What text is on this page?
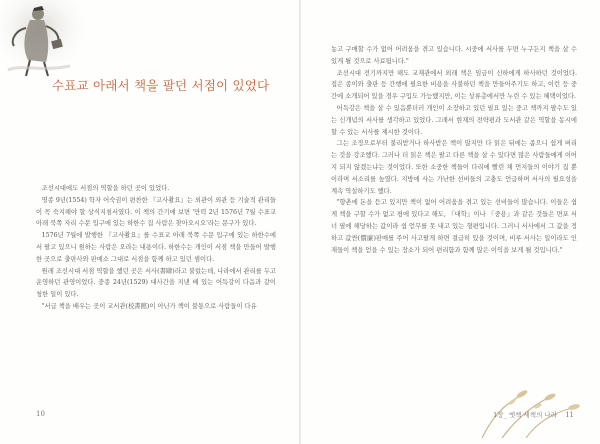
수표교 아래서 책을 팔던 서점이 있었다

조선시대에도 서점의 역할을 하던 곳이 있었다.

명종 9년(1554) 학자 어숙권이 편찬한 『고사촬요』는 외관이 외관 등 기술적 관리들이 꼭 숙지해야 할 상식지침서였다. 이 책의 간기에 보면 '만력 2년 1576년 7월 수표교 아래 북쪽 자리 수문 입구에 있는 하한수 집 사람은 찾아오시오'라는 문구가 있다.

1576년 7월에 발행한 『고사촬요』를 수표교 아래 북쪽 수문 입구에 있는 하한수에서 팔고 있으니 원하는 사람은 오라는 내용이다. 하한수는 개인이 서점 책을 만들어 발행한 곳으로 출판사와 판매소 그대로 서점을 함께 하고 있던 셈이다.

원래 조선시대 서점 역할을 했던 곳은 서사(書肆)라고 불렀는데, 나라에서 관리를 두고 운영하던 관영이었다. 중종 24년(1529) 대사간을 지낸 배 있는 어득강이 다음과 같이 청한 일이 있다.

"서급 책을 배우는 곳이 교서관(校書館)이 아닌가 책이 불통으로 사람들이 다유

10

농고 구매할 수가 없어 어려움을 겪고 있습니다. 시중에 서사를 두면 누구든지 책을 살 수 있게 될 것으로 사료됩니다."

조선시대 전기까지만 해도 교재관에서 외래 책은 임금이 신하에게 하사하던 것이었다. 접은 종이와 출판 등 간행에 필요한 비용을 사불하던 책을 만들어주기도 하고, 이런 등 중간에 소개되어 있을 경우 구입도 가능했지만, 이는 상류층에서만 누린 수 있는 혜택이었다.

어득강은 책을 살 수 있음뿐더러 개인이 소장하고 있던 필요 있는 중고 책까지 팔수도 있는 신개념의 서사를 생각하고 있었다. 그래서 현재의 전략편과 도서관 같은 역할을 동시에 할 수 있는 서사를 제시한 것이다.

그는 조정으로부터 불리받거나 하사받은 책이 많지만 다 읽은 뒤에는 좁으니 쉽게 버리는 것을 강조했다. 그러나 더 읽은 책은 팔고 다른 책을 살 수 있다면 많은 사람들에게 이어지 되지 않겠는냐는 것이었다. 또한 소중한 책들이 다리에 빨린 채 먼지들의 이야기 집 뿐이라며 서소리를 높였다. 지방에 사는 가난한 선비들의 고충도 언급하며 서사의 필요성을 계속 역설하기도 했다.

"향촌에 돈을 듣고 있지만 책이 없어 어려움을 겪고 있는 선비들이 많습니다. 이들은 쉽게 책을 구할 수가 없고 평에 있다고 해도, 『대학』이나 『중용』과 같은 것들은 면포 서너 필에 해당하는 값이라 쉽 얻무를 못 내고 있는 형편입니다. 그러니 서사에서 그 값을 정하고 값싼(價廉)판매를 주어 사고팔게 하면 결급히 있을 것이며, 비루 서사는 일이라도 인재들이 책을 얻을 수 있는 장소가 되어 편리함과 함께 많은 이익을 보게 될 것입니다."

1장_ 옛책 세책의 나라 11
